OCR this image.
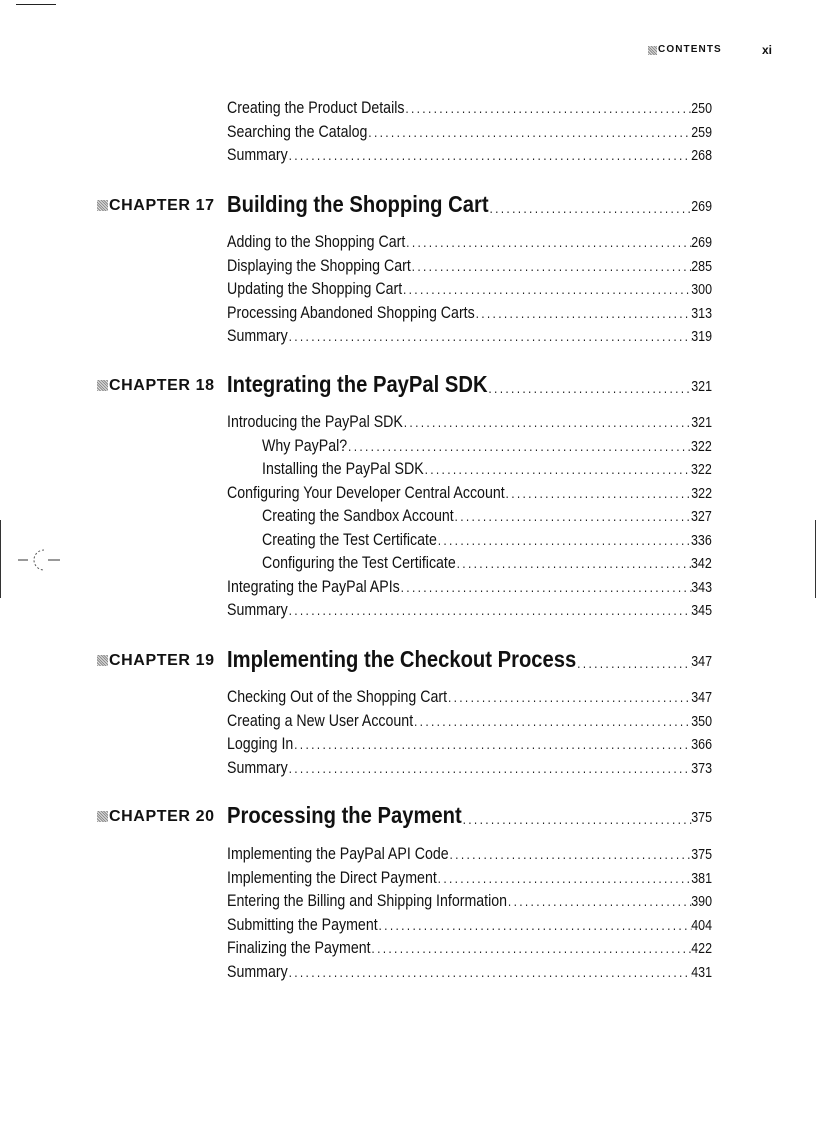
CONTENTS	xi
Creating the Product Details . . .	250
Searching the Catalog . . .	259
Summary . . .	268
CHAPTER 17 Building the Shopping Cart . . .	269
Adding to the Shopping Cart . . .	269
Displaying the Shopping Cart . . .	285
Updating the Shopping Cart . . .	300
Processing Abandoned Shopping Carts . . .	313
Summary . . .	319
CHAPTER 18 Integrating the PayPal SDK . . .	321
Introducing the PayPal SDK . . .	321
Why PayPal? . . .	322
Installing the PayPal SDK . . .	322
Configuring Your Developer Central Account . . .	322
Creating the Sandbox Account . . .	327
Creating the Test Certificate . . .	336
Configuring the Test Certificate . . .	342
Integrating the PayPal APIs . . .	343
Summary . . .	345
CHAPTER 19 Implementing the Checkout Process . . .	347
Checking Out of the Shopping Cart . . .	347
Creating a New User Account . . .	350
Logging In . . .	366
Summary . . .	373
CHAPTER 20 Processing the Payment . . .	375
Implementing the PayPal API Code . . .	375
Implementing the Direct Payment . . .	381
Entering the Billing and Shipping Information . . .	390
Submitting the Payment . . .	404
Finalizing the Payment . . .	422
Summary . . .	431
